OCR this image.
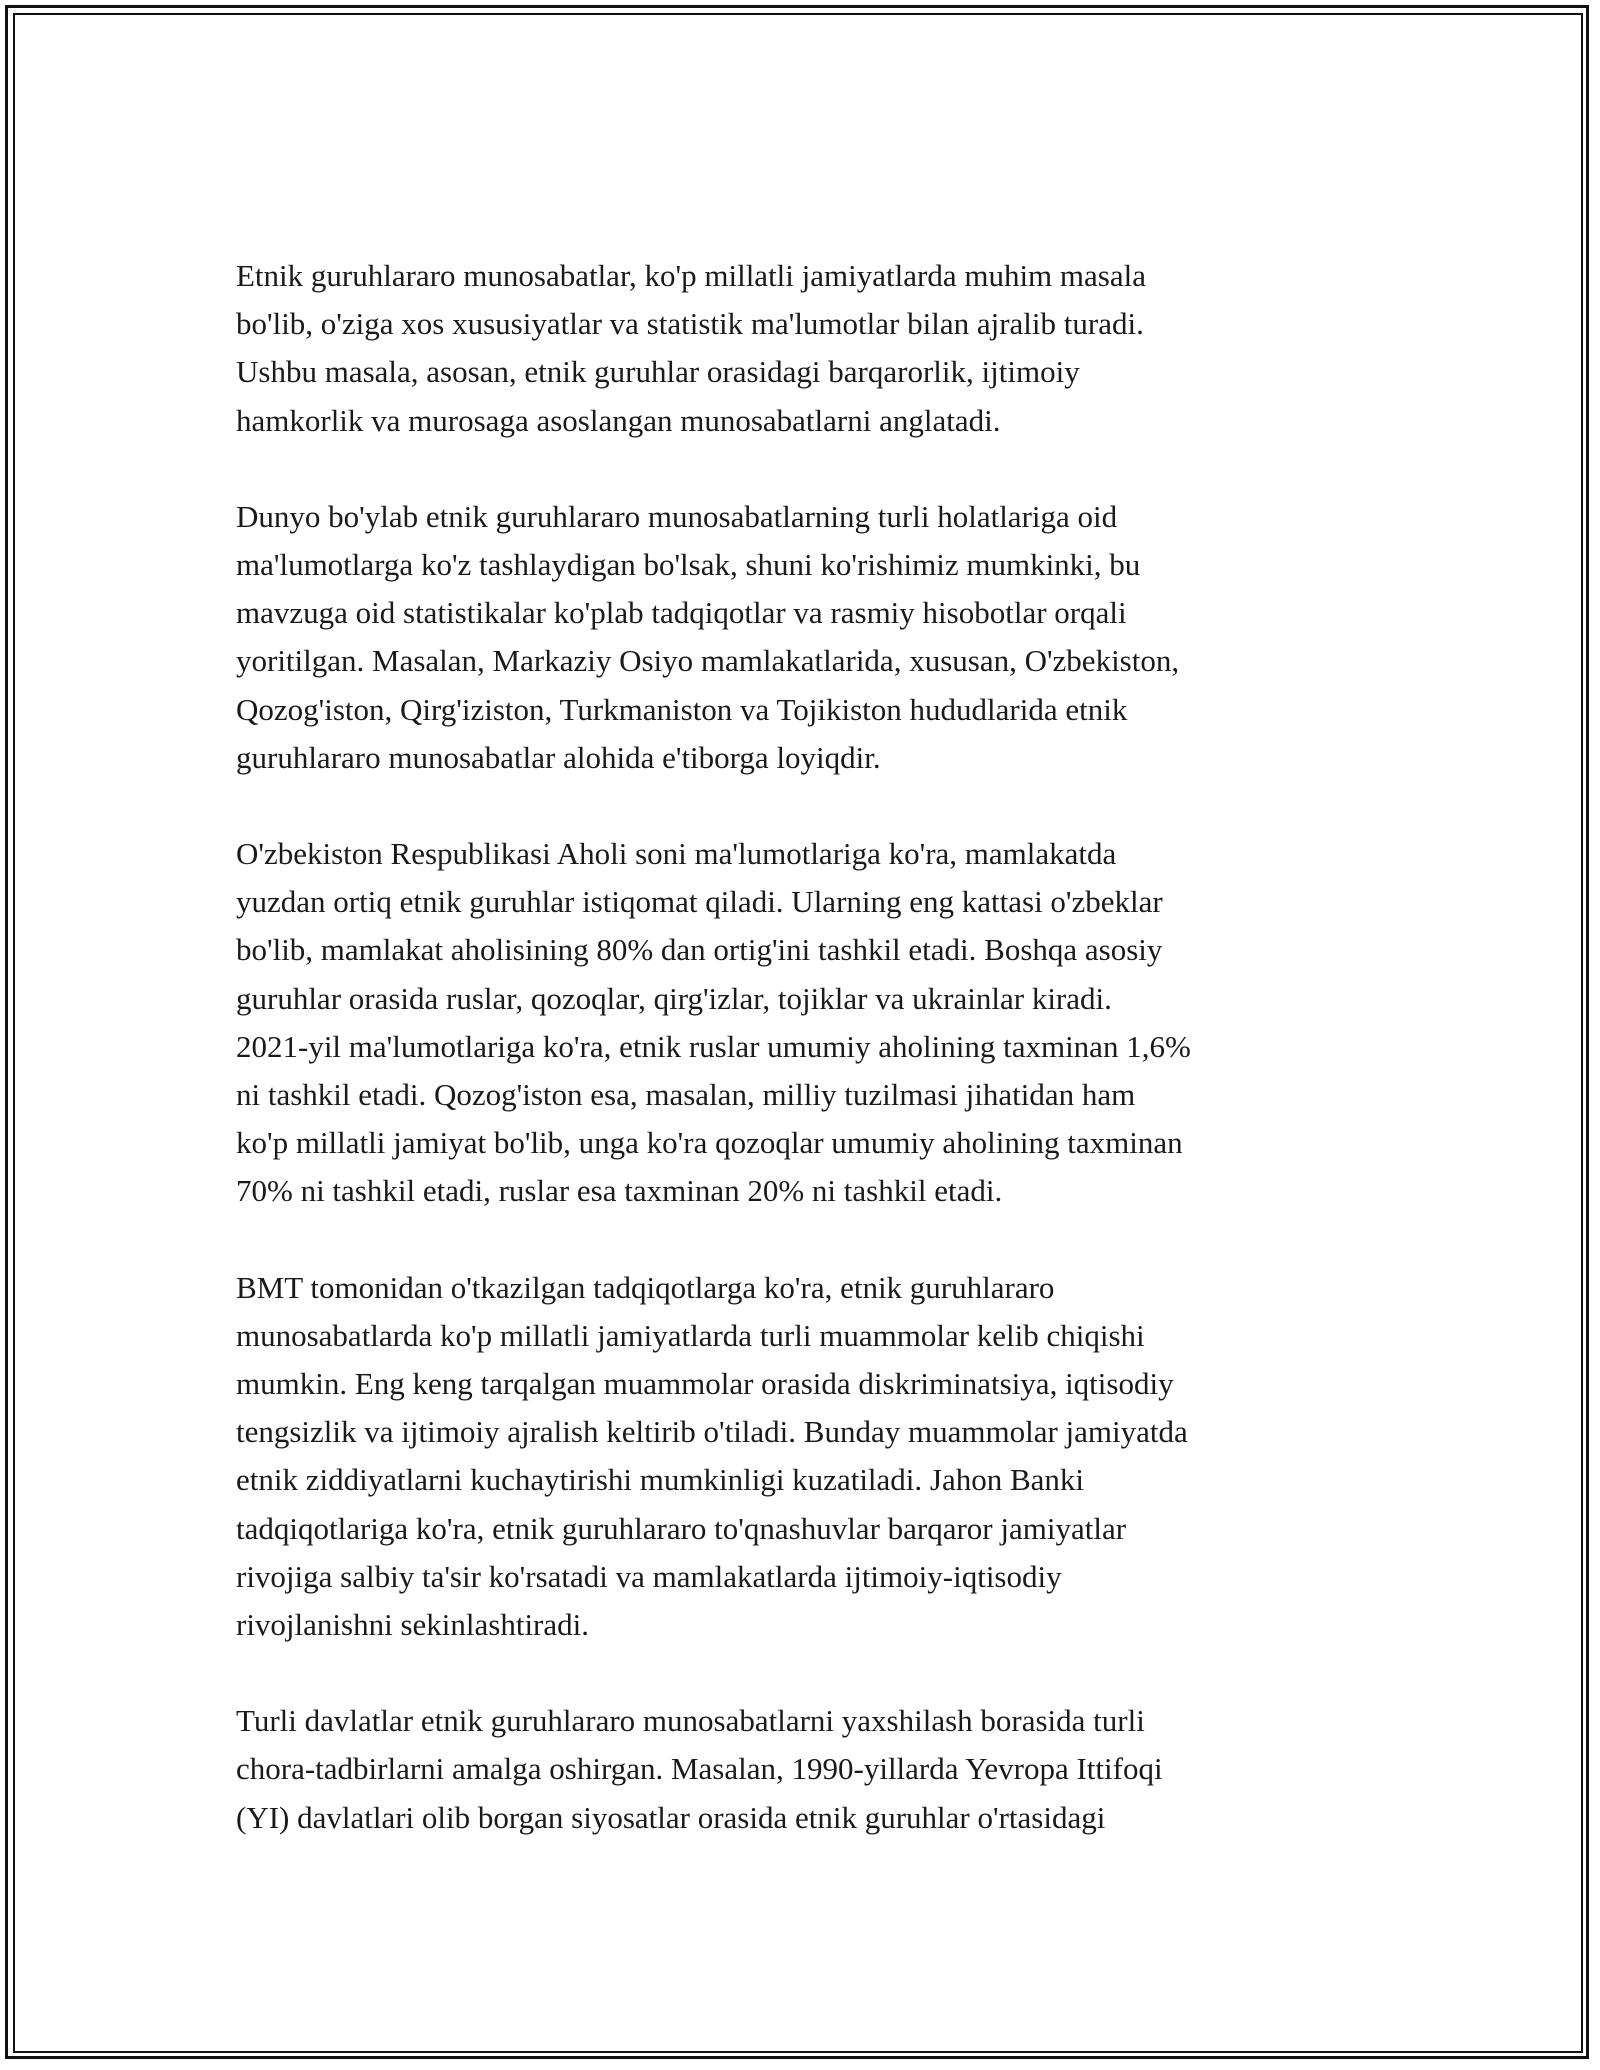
Etnik guruhlararo munosabatlar, ko'p millatli jamiyatlarda muhim masala
bo'lib, o'ziga xos xususiyatlar va statistik ma'lumotlar bilan ajralib turadi.
Ushbu masala, asosan, etnik guruhlar orasidagi barqarorlik, ijtimoiy
hamkorlik va murosaga asoslangan munosabatlarni anglatadi.

Dunyo bo'ylab etnik guruhlararo munosabatlarning turli holatlariga oid
ma'lumotlarga ko'z tashlaydigan bo'lsak, shuni ko'rishimiz mumkinki, bu
mavzuga oid statistikalar ko'plab tadqiqotlar va rasmiy hisobotlar orqali
yoritilgan. Masalan, Markaziy Osiyo mamlakatlarida, xususan, O'zbekiston,
Qozog'iston, Qirg'iziston, Turkmaniston va Tojikiston hududlarida etnik
guruhlararo munosabatlar alohida e'tiborga loyiqdir.

O'zbekiston Respublikasi Aholi soni ma'lumotlariga ko'ra, mamlakatda
yuzdan ortiq etnik guruhlar istiqomat qiladi. Ularning eng kattasi o'zbeklar
bo'lib, mamlakat aholisining 80% dan ortig'ini tashkil etadi. Boshqa asosiy
guruhlar orasida ruslar, qozoqlar, qirg'izlar, tojiklar va ukrainlar kiradi.
2021-yil ma'lumotlariga ko'ra, etnik ruslar umumiy aholining taxminan 1,6%
ni tashkil etadi. Qozog'iston esa, masalan, milliy tuzilmasi jihatidan ham
ko'p millatli jamiyat bo'lib, unga ko'ra qozoqlar umumiy aholining taxminan
70% ni tashkil etadi, ruslar esa taxminan 20% ni tashkil etadi.

BMT tomonidan o'tkazilgan tadqiqotlarga ko'ra, etnik guruhlararo
munosabatlarda ko'p millatli jamiyatlarda turli muammolar kelib chiqishi
mumkin. Eng keng tarqalgan muammolar orasida diskriminatsiya, iqtisodiy
tengsizlik va ijtimoiy ajralish keltirib o'tiladi. Bunday muammolar jamiyatda
etnik ziddiyatlarni kuchaytirishi mumkinligi kuzatiladi. Jahon Banki
tadqiqotlariga ko'ra, etnik guruhlararo to'qnashuvlar barqaror jamiyatlar
rivojiga salbiy ta'sir ko'rsatadi va mamlakatlarda ijtimoiy-iqtisodiy
rivojlanishni sekinlashtiradi.

Turli davlatlar etnik guruhlararo munosabatlarni yaxshilash borasida turli
chora-tadbirlarni amalga oshirgan. Masalan, 1990-yillarda Yevropa Ittifoqi
(YI) davlatlari olib borgan siyosatlar orasida etnik guruhlar o'rtasidagi
